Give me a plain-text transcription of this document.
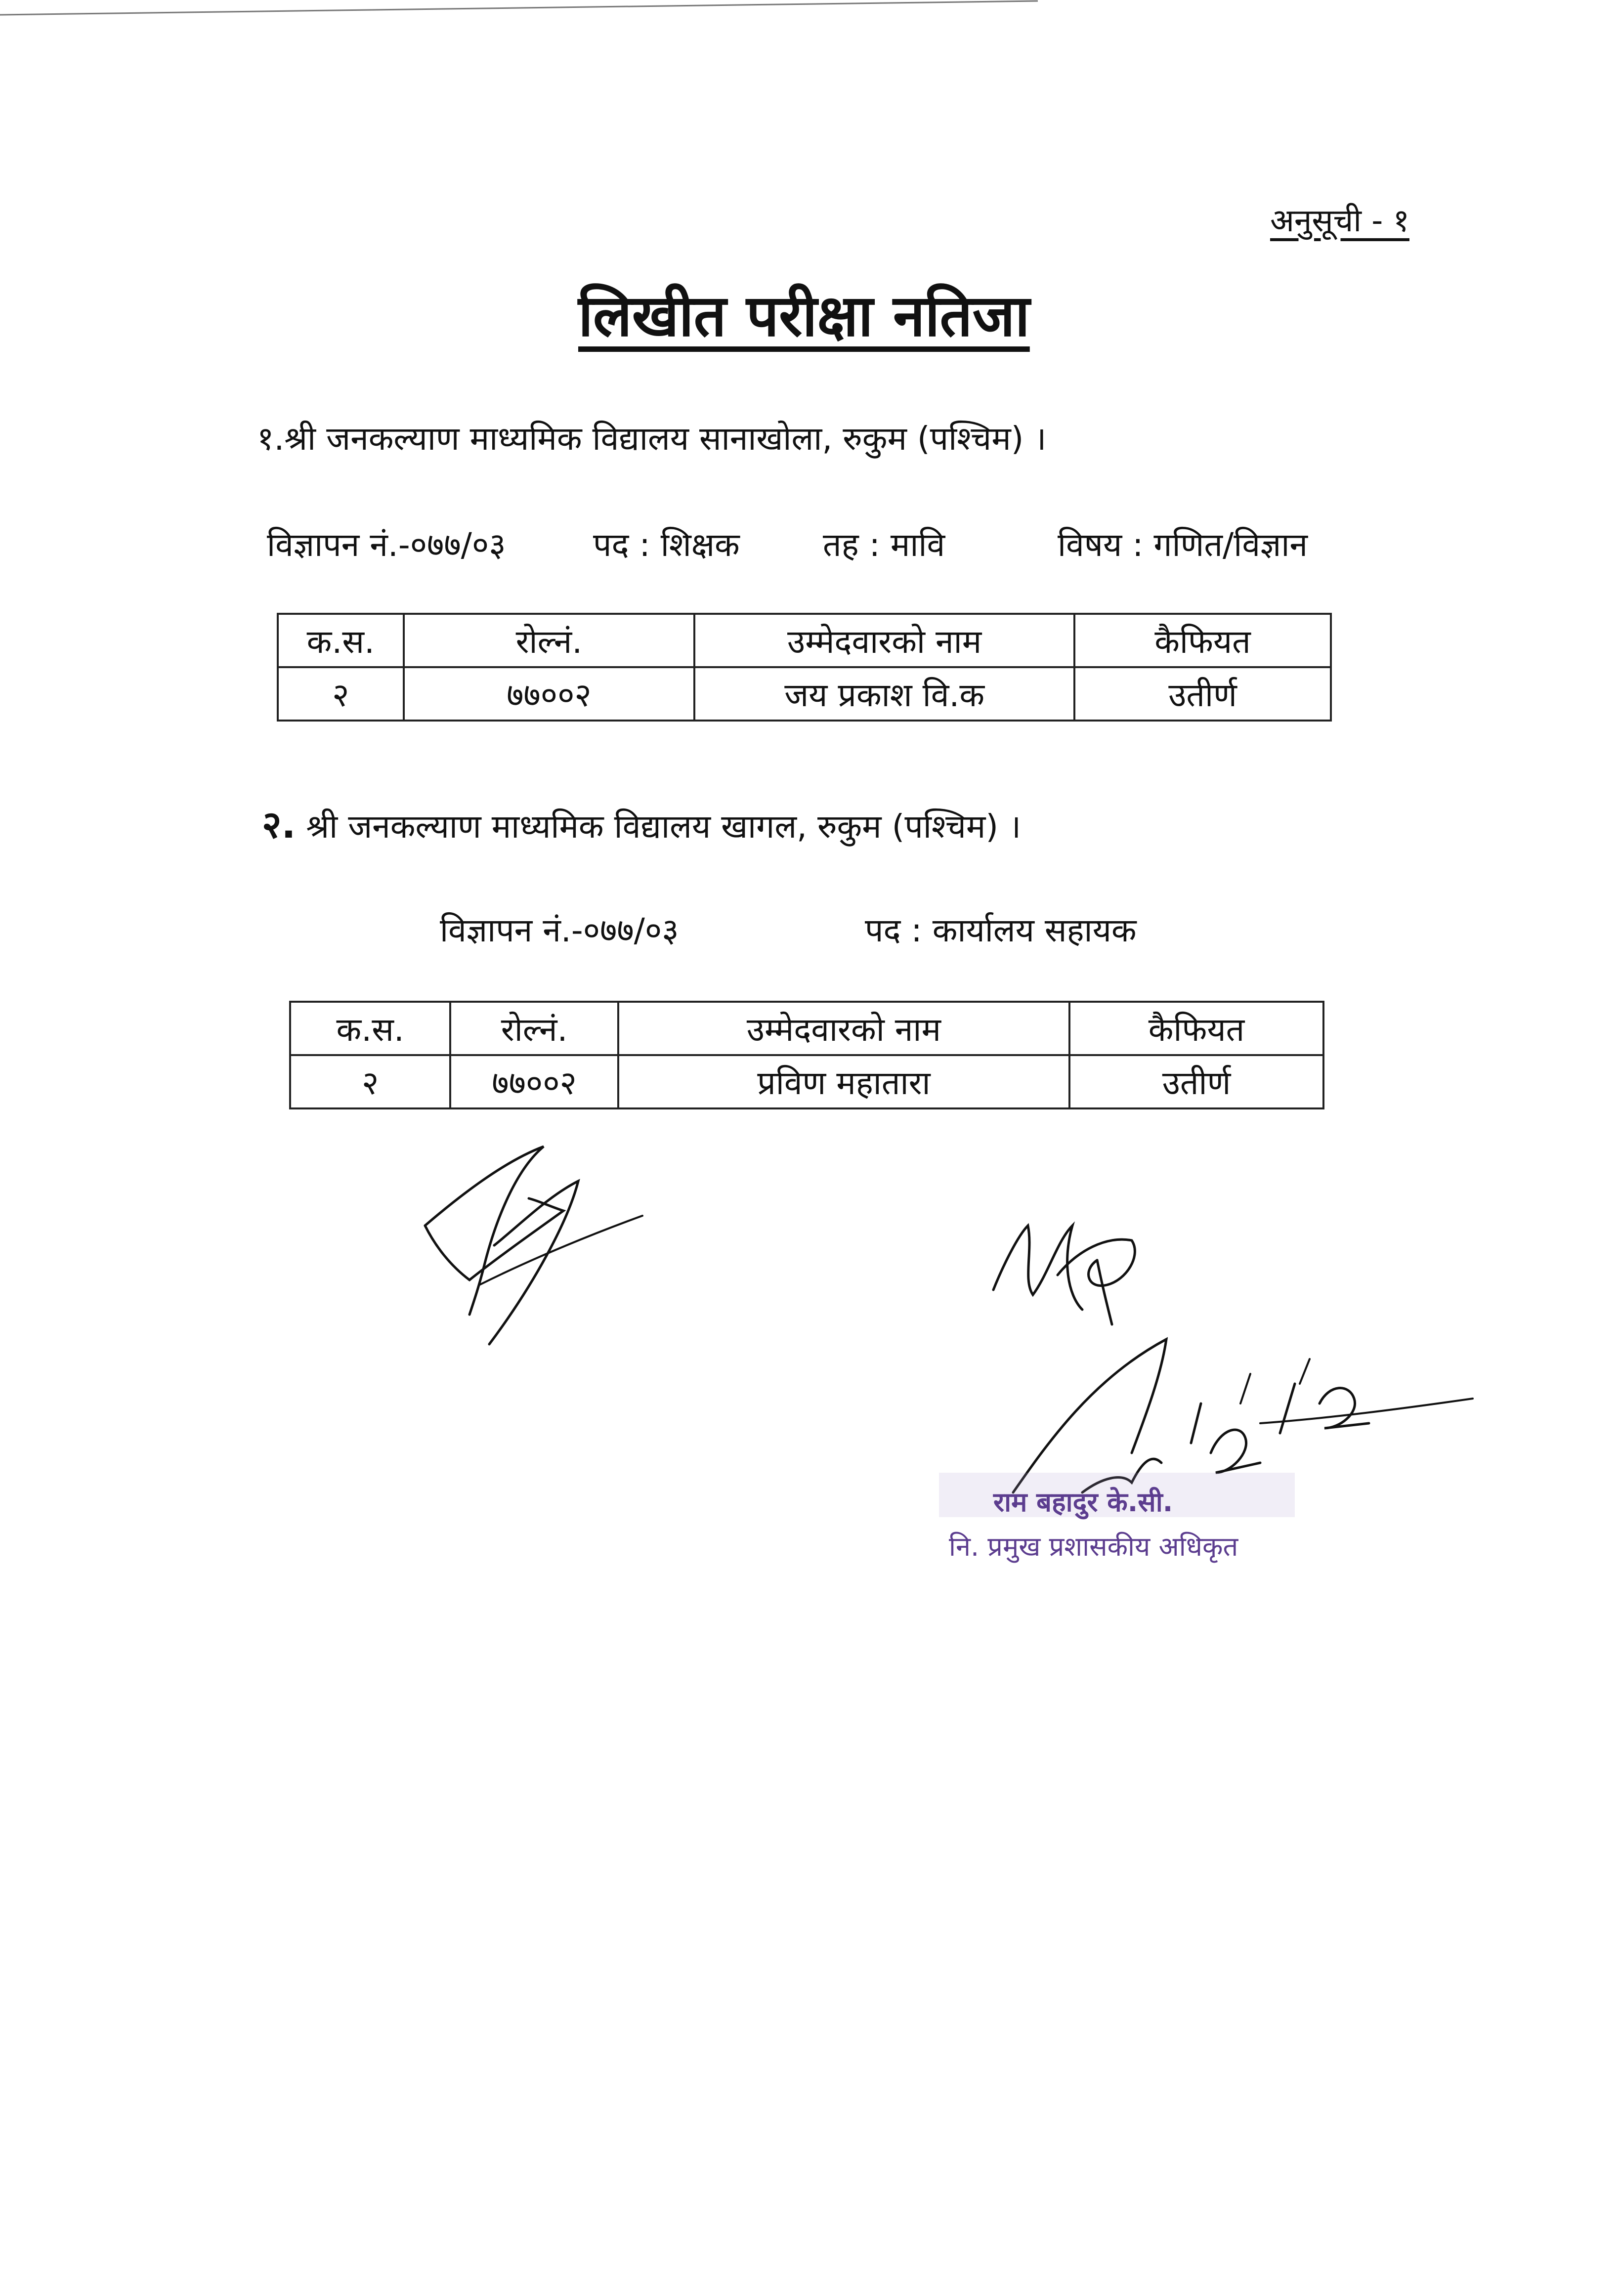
अनुसूची - १
लिखीत परीक्षा नतिजा
१.श्री जनकल्याण माध्यमिक विद्यालय सानाखोला, रुकुम (पश्चिम) ।
विज्ञापन नं.-०७७/०३	पद : शिक्षक	तह : मावि	विषय : गणित/विज्ञान
क.स.	रोल्नं.	उम्मेदवारको नाम	कैफियत
२	७७००२	जय प्रकाश वि.क	उतीर्ण
२. श्री जनकल्याण माध्यमिक विद्यालय खागल, रुकुम (पश्चिम) ।
विज्ञापन नं.-०७७/०३	पद : कार्यालय सहायक
क.स.	रोल्नं.	उम्मेदवारको नाम	कैफियत
२	७७००२	प्रविण महातारा	उतीर्ण
राम बहादुर के.सी.
नि. प्रमुख प्रशासकीय अधिकृत
